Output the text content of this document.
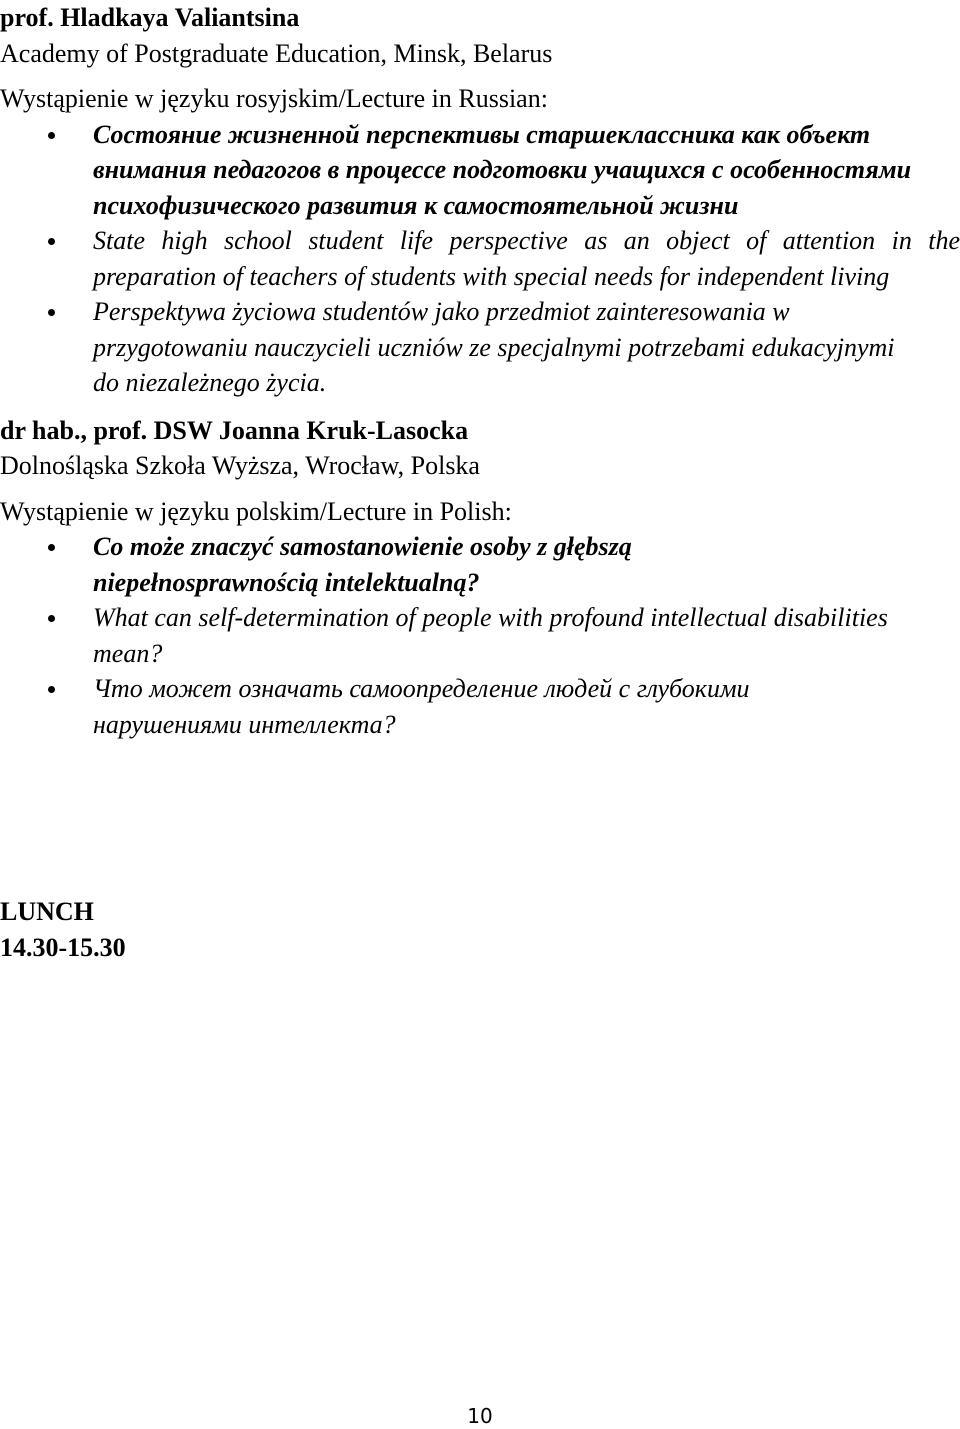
prof. Hladkaya Valiantsina

Academy of Postgraduate Education, Minsk, Belarus

Wystąpienie w języku rosyjskim/Lecture in Russian:

Состояние жизненной перспективы старшеклассника как объект внимания педагогов в процессе подготовки учащихся с особенностями психофизического развития к самостоятельной жизни
State high school student life perspective as an object of attention in the preparation of teachers of students with special needs for independent living
Perspektywa życiowa studentów jako przedmiot zainteresowania w przygotowaniu nauczycieli uczniów ze specjalnymi potrzebami edukacyjnymi do niezależnego życia.

dr hab., prof. DSW Joanna Kruk-Lasocka

Dolnośląska Szkoła Wyższa, Wrocław, Polska

Wystąpienie w języku polskim/Lecture in Polish:

Co może znaczyć samostanowienie osoby z głębszą niepełnosprawnością intelektualną?
What can self-determination of people with profound intellectual disabilities mean?
Что может означать самоопределение людей с глубокими нарушениями интеллекта?
LUNCH
14.30-15.30
10
